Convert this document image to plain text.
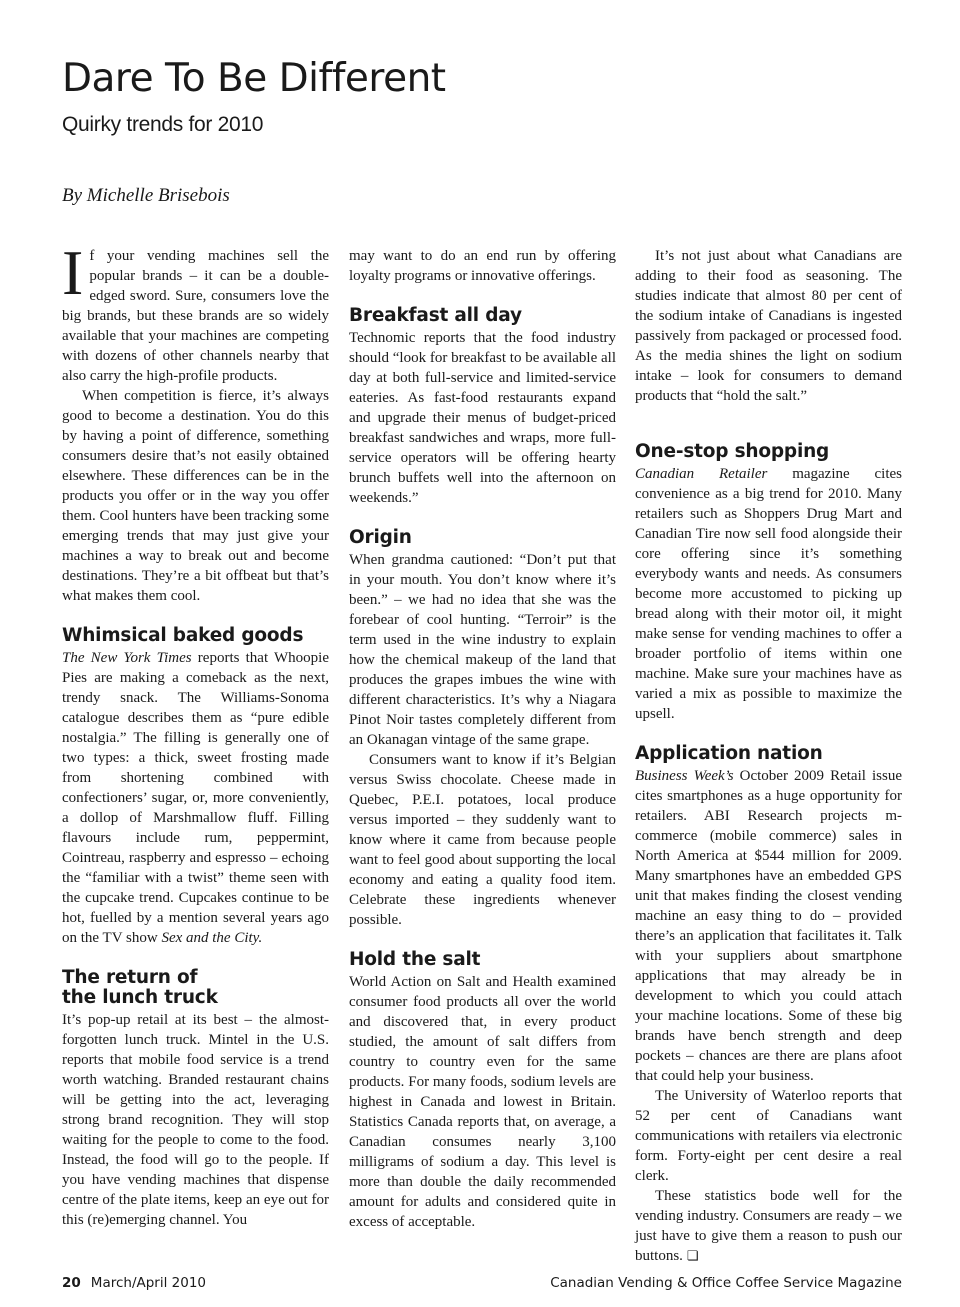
Dare To Be Different
Quirky trends for 2010
By Michelle Brisebois

If your vending machines sell the popular brands – it can be a double-edged sword. Sure, consumers love the big brands, but these brands are so widely available that your machines are competing with dozens of other channels nearby that also carry the high-profile products.

When competition is fierce, it’s always good to become a destination. You do this by having a point of difference, something consumers desire that’s not easily obtained elsewhere. These differences can be in the products you offer or in the way you offer them. Cool hunters have been tracking some emerging trends that may just give your machines a way to break out and become destinations. They’re a bit offbeat but that’s what makes them cool.

Whimsical baked goods

The New York Times reports that Whoopie Pies are making a comeback as the next, trendy snack. The Williams-Sonoma catalogue describes them as “pure edible nostalgia.” The filling is generally one of two types: a thick, sweet frosting made from shortening combined with confectioners’ sugar, or, more conveniently, a dollop of Marshmallow fluff. Filling flavours include rum, peppermint, Cointreau, raspberry and espresso – echoing the “familiar with a twist” theme seen with the cupcake trend. Cupcakes continue to be hot, fuelled by a mention several years ago on the TV show Sex and the City.

The return of
the lunch truck

It’s pop-up retail at its best – the almost-forgotten lunch truck. Mintel in the U.S. reports that mobile food service is a trend worth watching. Branded restaurant chains will be getting into the act, leveraging strong brand recognition. They will stop waiting for the people to come to the food. Instead, the food will go to the people. If you have vending machines that dispense centre of the plate items, keep an eye out for this (re)emerging channel. You

may want to do an end run by offering loyalty programs or innovative offerings.

Breakfast all day

Technomic reports that the food industry should “look for breakfast to be available all day at both full-service and limited-service eateries. As fast-food restaurants expand and upgrade their menus of budget-priced breakfast sandwiches and wraps, more full-service operators will be offering hearty brunch buffets well into the afternoon on weekends.”

Origin

When grandma cautioned: “Don’t put that in your mouth. You don’t know where it’s been.” – we had no idea that she was the forebear of cool hunting. “Terroir” is the term used in the wine industry to explain how the chemical makeup of the land that produces the grapes imbues the wine with different characteristics. It’s why a Niagara Pinot Noir tastes completely different from an Okanagan vintage of the same grape.

Consumers want to know if it’s Belgian versus Swiss chocolate. Cheese made in Quebec, P.E.I. potatoes, local produce versus imported – they suddenly want to know where it came from because people want to feel good about supporting the local economy and eating a quality food item. Celebrate these ingredients whenever possible.

Hold the salt

World Action on Salt and Health examined consumer food products all over the world and discovered that, in every product studied, the amount of salt differs from country to country even for the same products. For many foods, sodium levels are highest in Canada and lowest in Britain. Statistics Canada reports that, on average, a Canadian consumes nearly 3,100 milligrams of sodium a day. This level is more than double the daily recommended amount for adults and considered quite in excess of acceptable.

It’s not just about what Canadians are adding to their food as seasoning. The studies indicate that almost 80 per cent of the sodium intake of Canadians is ingested passively from packaged or processed food. As the media shines the light on sodium intake – look for consumers to demand products that “hold the salt.”

One-stop shopping

Canadian Retailer magazine cites convenience as a big trend for 2010. Many retailers such as Shoppers Drug Mart and Canadian Tire now sell food alongside their core offering since it’s something everybody wants and needs. As consumers become more accustomed to picking up bread along with their motor oil, it might make sense for vending machines to offer a broader portfolio of items within one machine. Make sure your machines have as varied a mix as possible to maximize the upsell.

Application nation

Business Week’s October 2009 Retail issue cites smartphones as a huge opportunity for retailers. ABI Research projects m-commerce (mobile commerce) sales in North America at $544 million for 2009. Many smartphones have an embedded GPS unit that makes finding the closest vending machine an easy thing to do – provided there’s an application that facilitates it. Talk with your suppliers about smartphone applications that may already be in development to which you could attach your machine locations. Some of these big brands have bench strength and deep pockets – chances are there are plans afoot that could help your business.

The University of Waterloo reports that 52 per cent of Canadians want communications with retailers via electronic form. Forty-eight per cent desire a real clerk.

These statistics bode well for the vending industry. Consumers are ready – we just have to give them a reason to push our buttons. ❏

20 March/April 2010	Canadian Vending & Office Coffee Service Magazine
